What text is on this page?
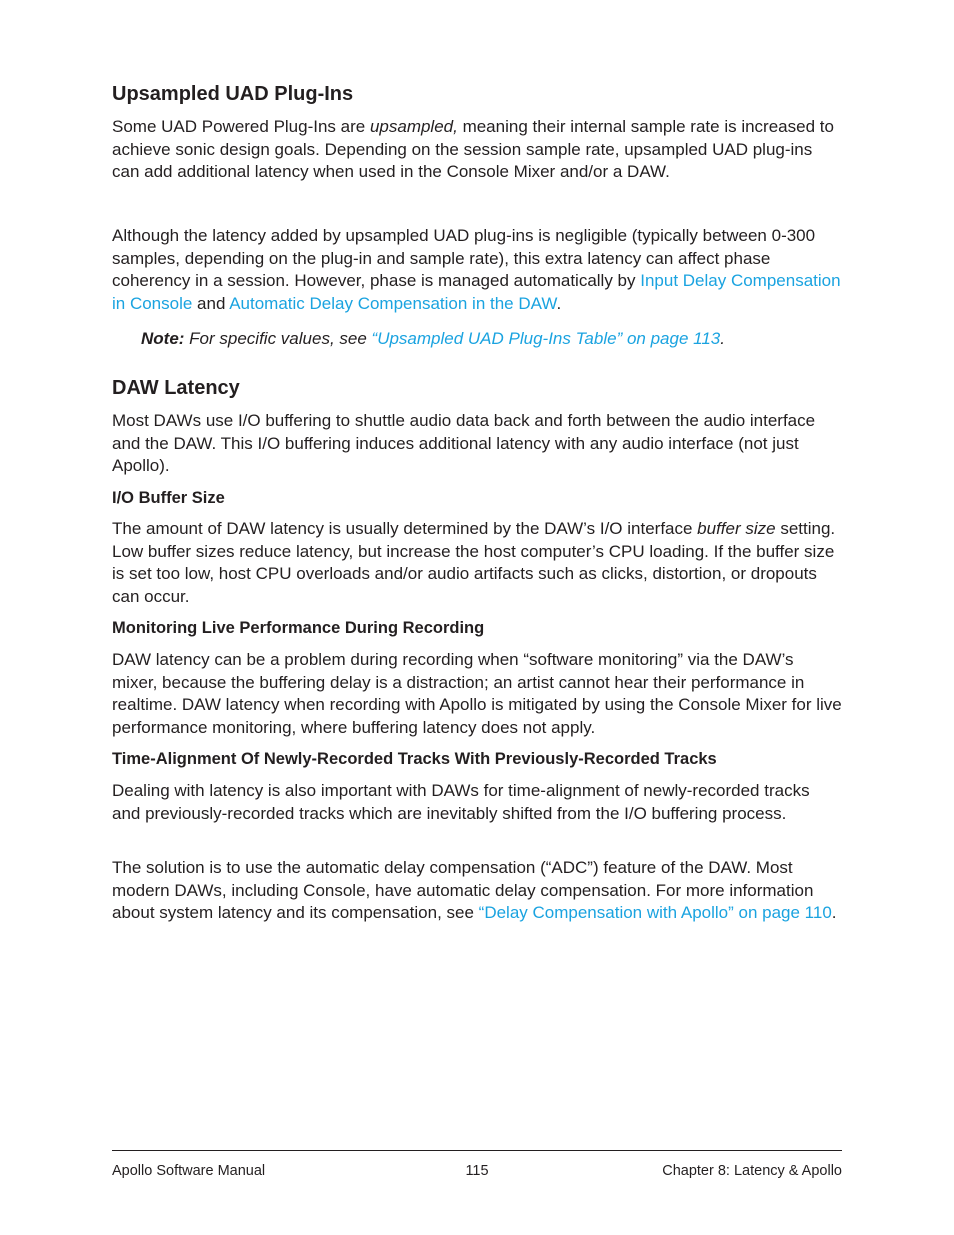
Upsampled UAD Plug-Ins

Some UAD Powered Plug-Ins are upsampled, meaning their internal sample rate is increased to achieve sonic design goals. Depending on the session sample rate, upsampled UAD plug-ins can add additional latency when used in the Console Mixer and/or a DAW.

Although the latency added by upsampled UAD plug-ins is negligible (typically between 0-300 samples, depending on the plug-in and sample rate), this extra latency can affect phase coherency in a session. However, phase is managed automatically by Input Delay Compensation in Console and Automatic Delay Compensation in the DAW.

Note: For specific values, see “Upsampled UAD Plug-Ins Table” on page 113.

DAW Latency

Most DAWs use I/O buffering to shuttle audio data back and forth between the audio interface and the DAW. This I/O buffering induces additional latency with any audio interface (not just Apollo).

I/O Buffer Size

The amount of DAW latency is usually determined by the DAW’s I/O interface buffer size setting. Low buffer sizes reduce latency, but increase the host computer’s CPU loading. If the buffer size is set too low, host CPU overloads and/or audio artifacts such as clicks, distortion, or dropouts can occur.

Monitoring Live Performance During Recording

DAW latency can be a problem during recording when “software monitoring” via the DAW’s mixer, because the buffering delay is a distraction; an artist cannot hear their performance in realtime. DAW latency when recording with Apollo is mitigated by using the Console Mixer for live performance monitoring, where buffering latency does not apply.

Time-Alignment Of Newly-Recorded Tracks With Previously-Recorded Tracks

Dealing with latency is also important with DAWs for time-alignment of newly-recorded tracks and previously-recorded tracks which are inevitably shifted from the I/O buffering process.

The solution is to use the automatic delay compensation (“ADC”) feature of the DAW. Most modern DAWs, including Console, have automatic delay compensation. For more information about system latency and its compensation, see “Delay Compensation with Apollo” on page 110.

Apollo Software Manual	115	Chapter 8: Latency & Apollo
